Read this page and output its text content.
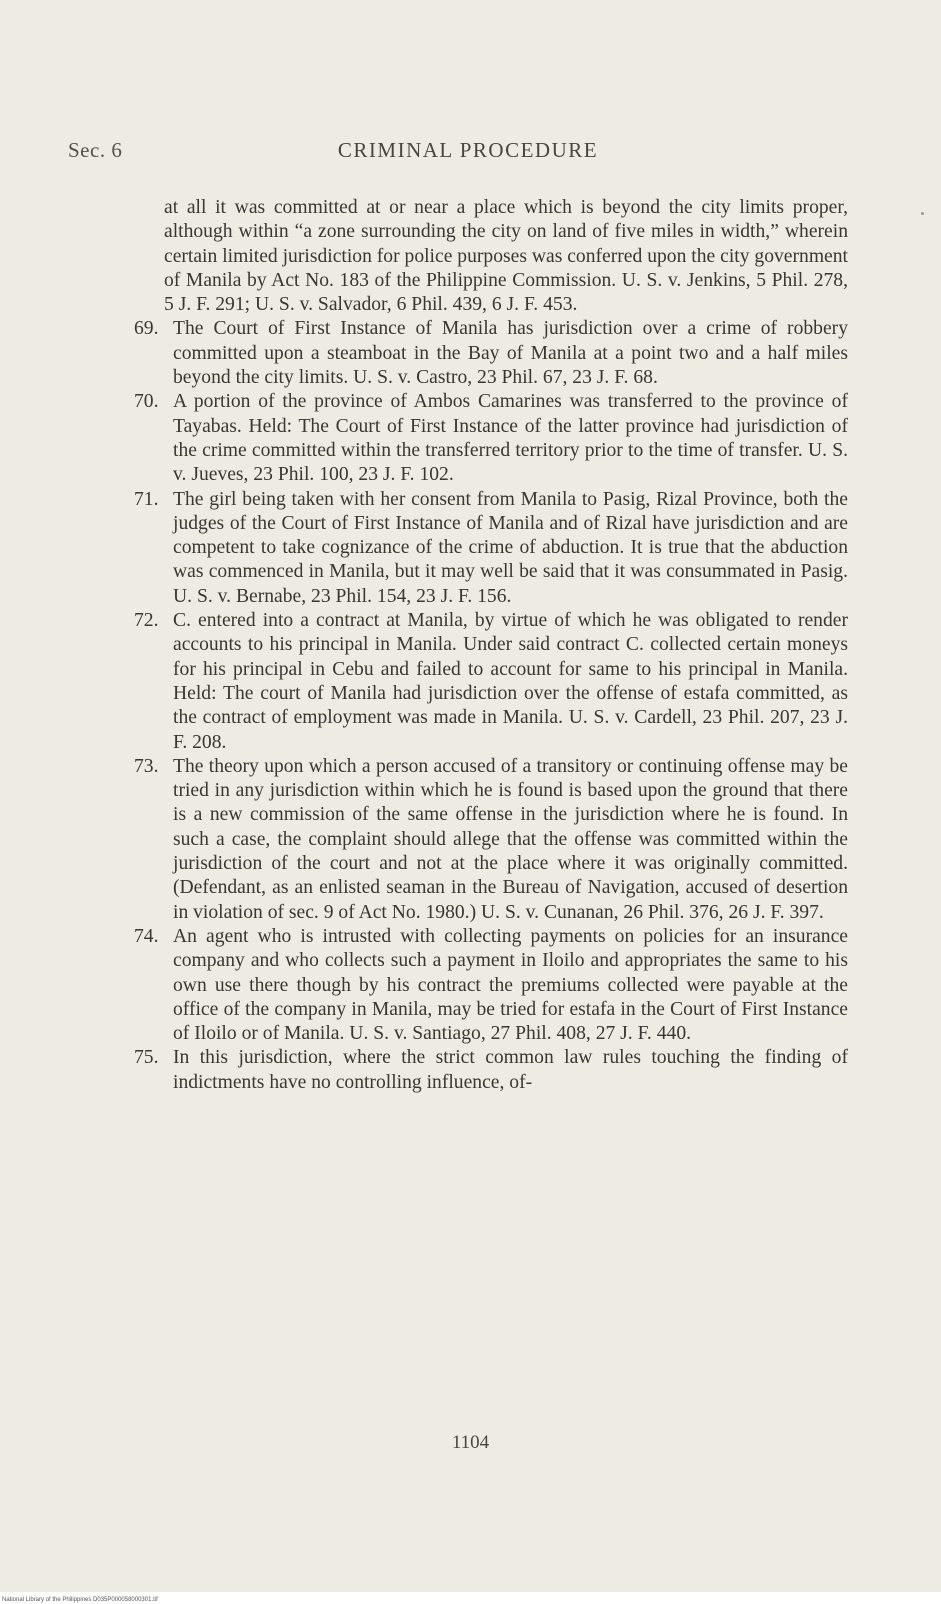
Sec. 6	CRIMINAL PROCEDURE

at all it was committed at or near a place which is beyond the city limits proper, although within “a zone surrounding the city on land of five miles in width,” wherein certain limited jurisdiction for police purposes was conferred upon the city government of Manila by Act No. 183 of the Philippine Commission. U. S. v. Jenkins, 5 Phil. 278, 5 J. F. 291; U. S. v. Salvador, 6 Phil. 439, 6 J. F. 453.

69. The Court of First Instance of Manila has jurisdiction over a crime of robbery committed upon a steamboat in the Bay of Manila at a point two and a half miles beyond the city limits. U. S. v. Castro, 23 Phil. 67, 23 J. F. 68.

70. A portion of the province of Ambos Camarines was transferred to the province of Tayabas. Held: The Court of First Instance of the latter province had jurisdiction of the crime committed within the transferred territory prior to the time of transfer. U. S. v. Jueves, 23 Phil. 100, 23 J. F. 102.

71. The girl being taken with her consent from Manila to Pasig, Rizal Province, both the judges of the Court of First Instance of Manila and of Rizal have jurisdiction and are competent to take cognizance of the crime of abduction. It is true that the abduction was commenced in Manila, but it may well be said that it was consummated in Pasig. U. S. v. Bernabe, 23 Phil. 154, 23 J. F. 156.

72. C. entered into a contract at Manila, by virtue of which he was obligated to render accounts to his principal in Manila. Under said contract C. collected certain moneys for his principal in Cebu and failed to account for same to his principal in Manila. Held: The court of Manila had jurisdiction over the offense of estafa committed, as the contract of employment was made in Manila. U. S. v. Cardell, 23 Phil. 207, 23 J. F. 208.

73. The theory upon which a person accused of a transitory or continuing offense may be tried in any jurisdiction within which he is found is based upon the ground that there is a new commission of the same offense in the jurisdiction where he is found. In such a case, the complaint should allege that the offense was committed within the jurisdiction of the court and not at the place where it was originally committed. (Defendant, as an enlisted seaman in the Bureau of Navigation, accused of desertion in violation of sec. 9 of Act No. 1980.) U. S. v. Cunanan, 26 Phil. 376, 26 J. F. 397.

74. An agent who is intrusted with collecting payments on policies for an insurance company and who collects such a payment in Iloilo and appropriates the same to his own use there though by his contract the premiums collected were payable at the office of the company in Manila, may be tried for estafa in the Court of First Instance of Iloilo or of Manila. U. S. v. Santiago, 27 Phil. 408, 27 J. F. 440.

75. In this jurisdiction, where the strict common law rules touching the finding of indictments have no controlling influence, of-

1104
National Library of the Philippines D035P000058000301.tif
